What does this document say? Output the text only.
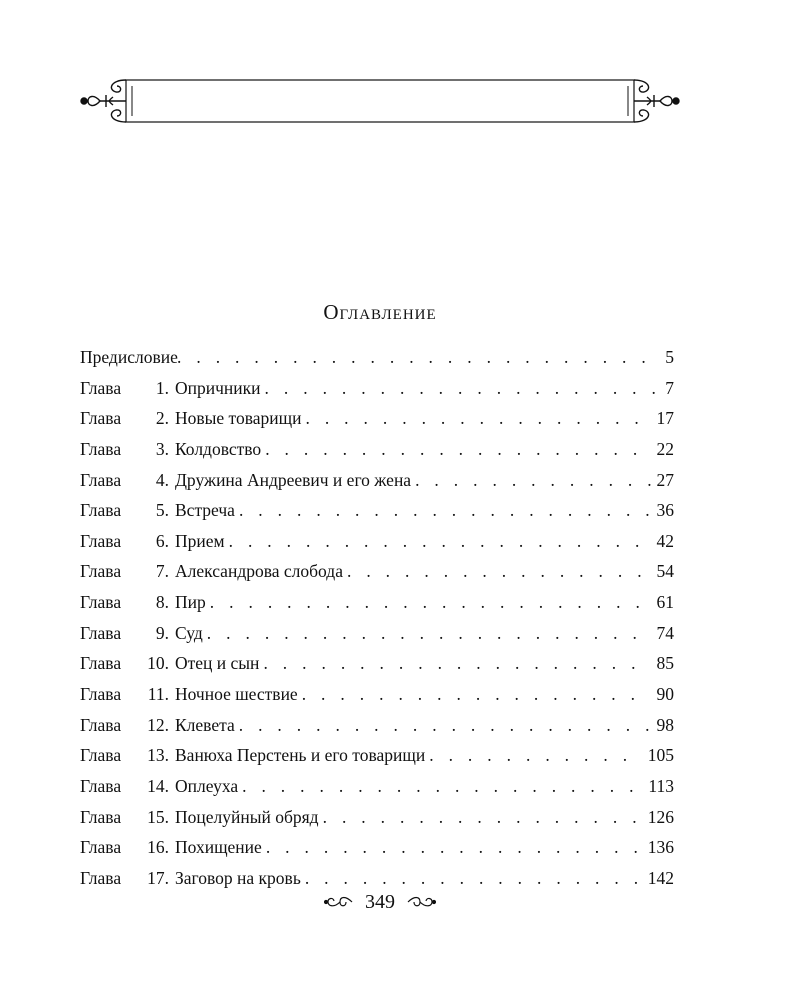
Оглавление
Предисловие . . .	5
Глава	1. Опричники . . .	7
Глава	2. Новые товарищи . . .	17
Глава	3. Колдовство . . .	22
Глава	4. Дружина Андреевич и его жена . . .	27
Глава	5. Встреча . . .	36
Глава	6. Прием . . .	42
Глава	7. Александрова слобода . . .	54
Глава	8. Пир . . .	61
Глава	9. Суд . . .	74
Глава	10. Отец и сын . . .	85
Глава	11. Ночное шествие . . .	90
Глава	12. Клевета . . .	98
Глава	13. Ванюха Перстень и его товарищи . . .	105
Глава	14. Оплеуха . . .	113
Глава	15. Поцелуйный обряд . . .	126
Глава	16. Похищение . . .	136
Глава	17. Заговор на кровь . . .	142
349
